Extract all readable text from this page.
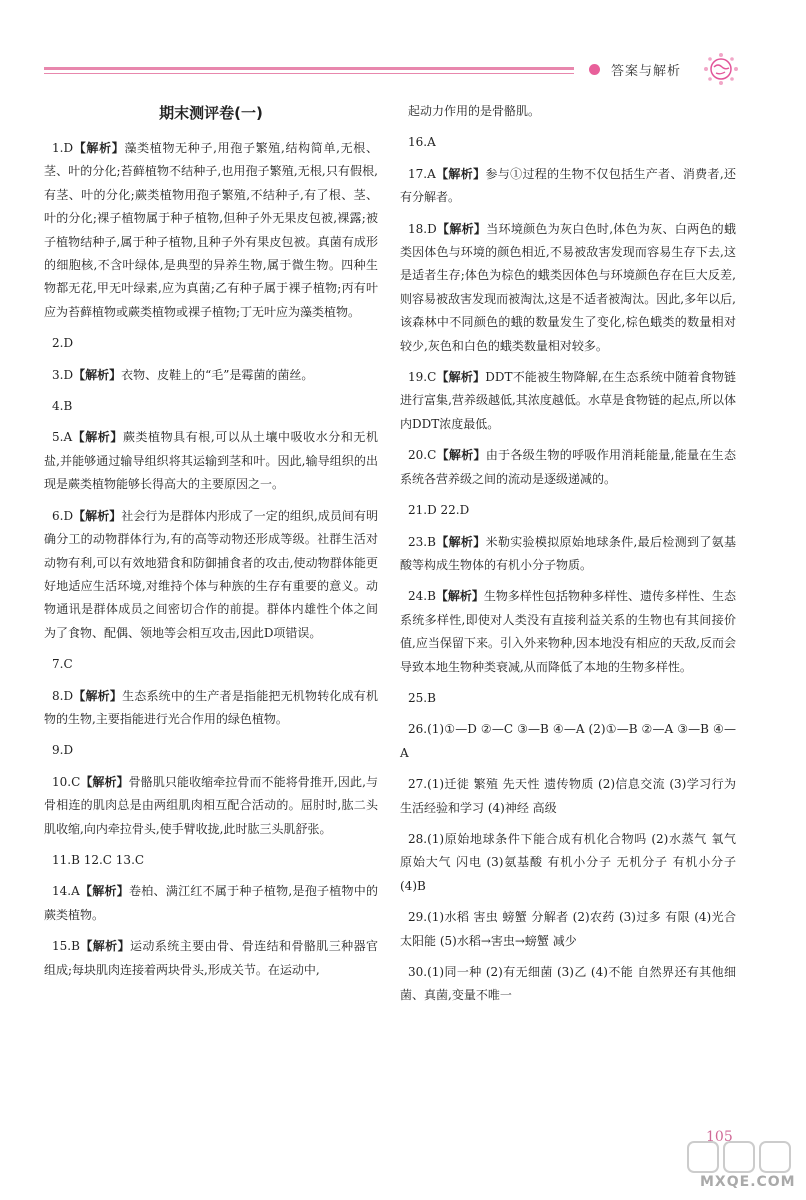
答案与解析
期末测评卷(一)
1.D【解析】藻类植物无种子,用孢子繁殖,结构简单,无根、茎、叶的分化;苔藓植物不结种子,也用孢子繁殖,无根,只有假根,有茎、叶的分化;蕨类植物用孢子繁殖,不结种子,有了根、茎、叶的分化;裸子植物属于种子植物,但种子外无果皮包被,裸露;被子植物结种子,属于种子植物,且种子外有果皮包被。真菌有成形的细胞核,不含叶绿体,是典型的异养生物,属于微生物。四种生物都无花,甲无叶绿素,应为真菌;乙有种子属于裸子植物;丙有叶应为苔藓植物或蕨类植物或裸子植物;丁无叶应为藻类植物。
2.D
3.D【解析】衣物、皮鞋上的“毛”是霉菌的菌丝。
4.B
5.A【解析】蕨类植物具有根,可以从土壤中吸收水分和无机盐,并能够通过输导组织将其运输到茎和叶。因此,输导组织的出现是蕨类植物能够长得高大的主要原因之一。
6.D【解析】社会行为是群体内形成了一定的组织,成员间有明确分工的动物群体行为,有的高等动物还形成等级。社群生活对动物有利,可以有效地猎食和防御捕食者的攻击,使动物群体能更好地适应生活环境,对维持个体与种族的生存有重要的意义。动物通讯是群体成员之间密切合作的前提。群体内雄性个体之间为了食物、配偶、领地等会相互攻击,因此D项错误。
7.C
8.D【解析】生态系统中的生产者是指能把无机物转化成有机物的生物,主要指能进行光合作用的绿色植物。
9.D
10.C【解析】骨骼肌只能收缩牵拉骨而不能将骨推开,因此,与骨相连的肌肉总是由两组肌肉相互配合活动的。屈肘时,肱二头肌收缩,向内牵拉骨头,使手臂收拢,此时肱三头肌舒张。
11.B 12.C 13.C
14.A【解析】卷柏、满江红不属于种子植物,是孢子植物中的蕨类植物。
15.B【解析】运动系统主要由骨、骨连结和骨骼肌三种器官组成;每块肌肉连接着两块骨头,形成关节。在运动中,
起动力作用的是骨骼肌。
16.A
17.A【解析】参与①过程的生物不仅包括生产者、消费者,还有分解者。
18.D【解析】当环境颜色为灰白色时,体色为灰、白两色的蛾类因体色与环境的颜色相近,不易被敌害发现而容易生存下去,这是适者生存;体色为棕色的蛾类因体色与环境颜色存在巨大反差,则容易被敌害发现而被淘汰,这是不适者被淘汰。因此,多年以后,该森林中不同颜色的蛾的数量发生了变化,棕色蛾类的数量相对较少,灰色和白色的蛾类数量相对较多。
19.C【解析】DDT不能被生物降解,在生态系统中随着食物链进行富集,营养级越低,其浓度越低。水草是食物链的起点,所以体内DDT浓度最低。
20.C【解析】由于各级生物的呼吸作用消耗能量,能量在生态系统各营养级之间的流动是逐级递减的。
21.D 22.D
23.B【解析】米勒实验模拟原始地球条件,最后检测到了氨基酸等构成生物体的有机小分子物质。
24.B【解析】生物多样性包括物种多样性、遗传多样性、生态系统多样性,即使对人类没有直接利益关系的生物也有其间接价值,应当保留下来。引入外来物种,因本地没有相应的天敌,反而会导致本地生物种类衰减,从而降低了本地的生物多样性。
25.B
26.(1)①—D ②—C ③—B ④—A (2)①—B ②—A ③—B ④—A
27.(1)迁徙 繁殖 先天性 遗传物质 (2)信息交流 (3)学习行为 生活经验和学习 (4)神经 高级
28.(1)原始地球条件下能合成有机化合物吗 (2)水蒸气 氧气 原始大气 闪电 (3)氨基酸 有机小分子 无机分子 有机小分子 (4)B
29.(1)水稻 害虫 螃蟹 分解者 (2)农药 (3)过多 有限 (4)光合 太阳能 (5)水稻→害虫→螃蟹 减少
30.(1)同一种 (2)有无细菌 (3)乙 (4)不能 自然界还有其他细菌、真菌,变量不唯一
105
MXQE.COM
